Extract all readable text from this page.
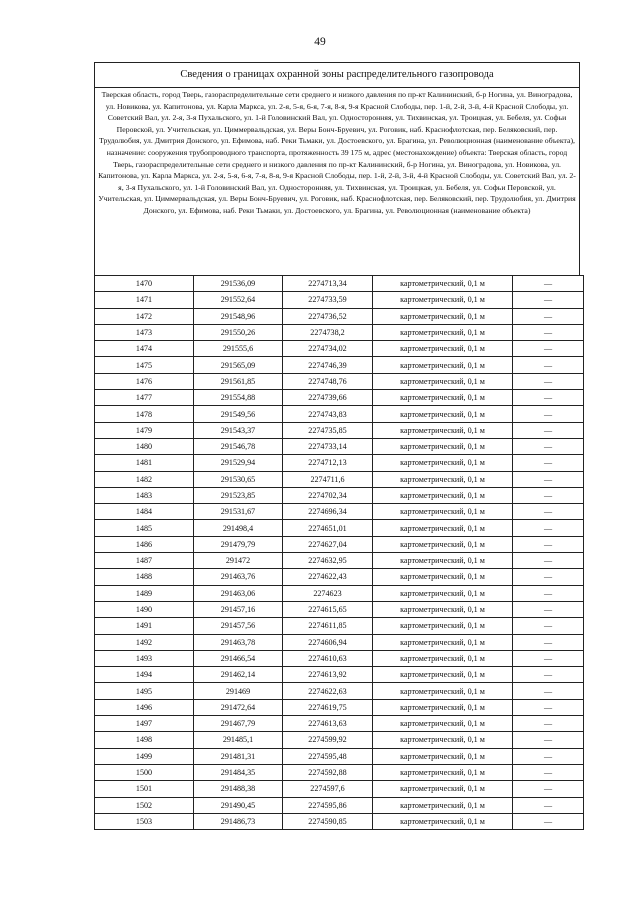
49
Сведения о границах охранной зоны распределительного газопровода
Тверская область, город Тверь, газораспределительные сети среднего и низкого давления по пр-кт Калининский, б-р Ногина, ул. Виноградова, ул. Новикова, ул. Капитонова, ул. Карла Маркса, ул. 2-я, 5-я, 6-я, 7-я, 8-я, 9-я Красной Слободы, пер. 1-й, 2-й, 3-й, 4-й Красной Слободы, ул. Советский Вал, ул. 2-я, 3-я Пухальского, ул. 1-й Головинский Вал, ул. Односторонняя, ул. Тихвинская, ул. Троицкая, ул. Бебеля, ул. Софьи Перовской, ул. Учительская, ул. Циммервальдская, ул. Веры Бонч-Бруевич, ул. Роговик, наб. Краснофлотская, пер. Беляковский, пер. Трудолюбия, ул. Дмитрия Донского, ул. Ефимова, наб. Реки Тьмаки, ул. Достоевского, ул. Брагина, ул. Революционная (наименование объекта), назначение: сооружения трубопроводного транспорта, протяженность 39 175 м, адрес (местонахождение) объекта: Тверская область, город Тверь, газораспределительные сети среднего и низкого давления по пр-кт Калининский, б-р Ногина, ул. Виноградова, ул. Новикова, ул. Капитонова, ул. Карла Маркса, ул. 2-я, 5-я, 6-я, 7-я, 8-я, 9-я Красной Слободы, пер. 1-й, 2-й, 3-й, 4-й Красной Слободы, ул. Советский Вал, ул. 2-я, 3-я Пухальского, ул. 1-й Головинский Вал, ул. Односторонняя, ул. Тихвинская, ул. Троицкая, ул. Бебеля, ул. Софьи Перовской, ул. Учительская, ул. Циммервальдская, ул. Веры Бонч-Бруевич, ул. Роговик, наб. Краснофлотская, пер. Беляковский, пер. Трудолюбия, ул. Дмитрия Донского, ул. Ефимова, наб. Реки Тьмаки, ул. Достоевского, ул. Брагина, ул. Революционная (наименование объекта)
1470	291536,09	2274713,34	картометрический, 0,1 м	—
1471	291552,64	2274733,59	картометрический, 0,1 м	—
1472	291548,96	2274736,52	картометрический, 0,1 м	—
1473	291550,26	2274738,2	картометрический, 0,1 м	—
1474	291555,6	2274734,02	картометрический, 0,1 м	—
1475	291565,09	2274746,39	картометрический, 0,1 м	—
1476	291561,85	2274748,76	картометрический, 0,1 м	—
1477	291554,88	2274739,66	картометрический, 0,1 м	—
1478	291549,56	2274743,83	картометрический, 0,1 м	—
1479	291543,37	2274735,85	картометрический, 0,1 м	—
1480	291546,78	2274733,14	картометрический, 0,1 м	—
1481	291529,94	2274712,13	картометрический, 0,1 м	—
1482	291530,65	2274711,6	картометрический, 0,1 м	—
1483	291523,85	2274702,34	картометрический, 0,1 м	—
1484	291531,67	2274696,34	картометрический, 0,1 м	—
1485	291498,4	2274651,01	картометрический, 0,1 м	—
1486	291479,79	2274627,04	картометрический, 0,1 м	—
1487	291472	2274632,95	картометрический, 0,1 м	—
1488	291463,76	2274622,43	картометрический, 0,1 м	—
1489	291463,06	2274623	картометрический, 0,1 м	—
1490	291457,16	2274615,65	картометрический, 0,1 м	—
1491	291457,56	2274611,85	картометрический, 0,1 м	—
1492	291463,78	2274606,94	картометрический, 0,1 м	—
1493	291466,54	2274610,63	картометрический, 0,1 м	—
1494	291462,14	2274613,92	картометрический, 0,1 м	—
1495	291469	2274622,63	картометрический, 0,1 м	—
1496	291472,64	2274619,75	картометрический, 0,1 м	—
1497	291467,79	2274613,63	картометрический, 0,1 м	—
1498	291485,1	2274599,92	картометрический, 0,1 м	—
1499	291481,31	2274595,48	картометрический, 0,1 м	—
1500	291484,35	2274592,88	картометрический, 0,1 м	—
1501	291488,38	2274597,6	картометрический, 0,1 м	—
1502	291490,45	2274595,86	картометрический, 0,1 м	—
1503	291486,73	2274590,85	картометрический, 0,1 м	—
